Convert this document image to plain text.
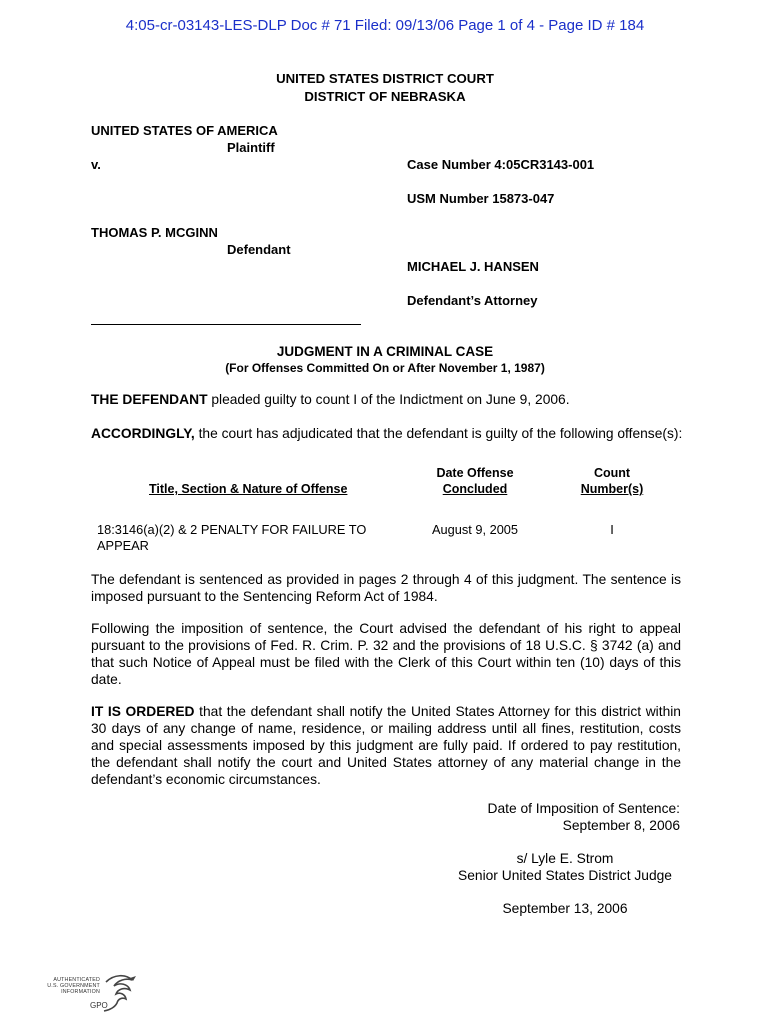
4:05-cr-03143-LES-DLP Doc # 71 Filed: 09/13/06 Page 1 of 4 - Page ID # 184
UNITED STATES DISTRICT COURT
DISTRICT OF NEBRASKA
UNITED STATES OF AMERICA
Plaintiff
v.	Case Number 4:05CR3143-001
USM Number 15873-047
THOMAS P. MCGINN
Defendant
MICHAEL J. HANSEN
Defendant’s Attorney
JUDGMENT IN A CRIMINAL CASE
(For Offenses Committed On or After November 1, 1987)
THE DEFENDANT pleaded guilty to count I of the Indictment on June 9, 2006.
ACCORDINGLY, the court has adjudicated that the defendant is guilty of the following offense(s):
Date Offense
Concluded
Count
Number(s)
Title, Section & Nature of Offense
18:3146(a)(2) & 2 PENALTY FOR FAILURE TO
APPEAR
August 9, 2005	I
The defendant is sentenced as provided in pages 2 through 4 of this judgment. The sentence is imposed pursuant to the Sentencing Reform Act of 1984.
Following the imposition of sentence, the Court advised the defendant of his right to appeal pursuant to the provisions of Fed. R. Crim. P. 32 and the provisions of 18 U.S.C. § 3742 (a) and that such Notice of Appeal must be filed with the Clerk of this Court within ten (10) days of this date.
IT IS ORDERED that the defendant shall notify the United States Attorney for this district within 30 days of any change of name, residence, or mailing address until all fines, restitution, costs and special assessments imposed by this judgment are fully paid. If ordered to pay restitution, the defendant shall notify the court and United States attorney of any material change in the defendant’s economic circumstances.
Date of Imposition of Sentence:
September 8, 2006
s/ Lyle E. Strom
Senior United States District Judge
September 13, 2006
AUTHENTICATED
U.S. GOVERNMENT
INFORMATION
GPO
